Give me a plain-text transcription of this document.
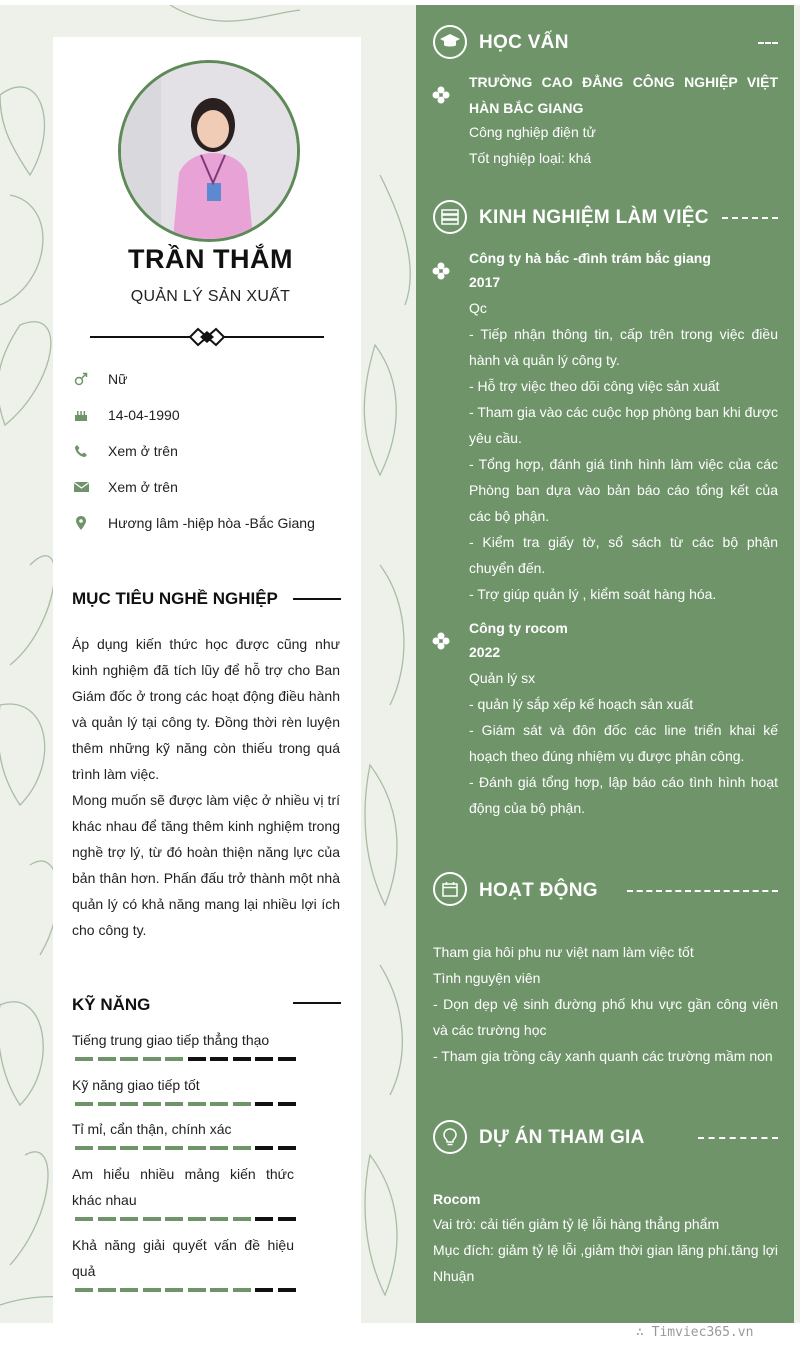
TRẦN THẮM
QUẢN LÝ SẢN XUẤT
Nữ
14-04-1990
Xem ở trên
Xem ở trên
Hương lâm -hiệp hòa -Bắc Giang
MỤC TIÊU NGHỀ NGHIỆP
Áp dụng kiến thức học được cũng như kinh nghiệm đã tích lũy để hỗ trợ cho Ban Giám đốc ở trong các hoạt động điều hành và quản lý tại công ty. Đồng thời rèn luyện thêm những kỹ năng còn thiếu trong quá trình làm việc.
Mong muốn sẽ được làm việc ở nhiều vị trí khác nhau để tăng thêm kinh nghiệm trong nghề trợ lý, từ đó hoàn thiện năng lực của bản thân hơn. Phấn đấu trở thành một nhà quản lý có khả năng mang lại nhiều lợi ích cho công ty.
KỸ NĂNG
Tiếng trung giao tiếp thẳng thạo
Kỹ năng giao tiếp tốt
Tỉ mỉ, cẩn thận, chính xác
Am hiểu nhiều mảng kiến thức khác nhau
Khả năng giải quyết vấn đề hiệu quả
HỌC VẤN
TRƯỜNG CAO ĐẲNG CÔNG NGHIỆP VIỆT HÀN BẮC GIANG
Công nghiệp điện tử
Tốt nghiệp loại: khá
KINH NGHIỆM LÀM VIỆC
Công ty hà bắc -đình trám bắc giang
2017
Qc
- Tiếp nhận thông tin, cấp trên trong việc điều hành và quản lý công ty.
- Hỗ trợ việc theo dõi công việc sản xuất
- Tham gia vào các cuộc họp phòng ban khi được yêu cầu.
- Tổng hợp, đánh giá tình hình làm việc của các Phòng ban dựa vào bản báo cáo tổng kết của các bộ phận.
- Kiểm tra giấy tờ, sổ sách từ các bộ phận chuyển đến.
- Trợ giúp quản lý , kiểm soát hàng hóa.
Công ty rocom
2022
Quản lý sx
- quản lý sắp xếp kế hoạch sản xuất
- Giám sát và đôn đốc các line triển khai kế hoạch theo đúng nhiệm vụ được phân công.
- Đánh giá tổng hợp, lập báo cáo tình hình hoạt động của bộ phận.
HOẠT ĐỘNG
Tham gia hôi phu nư việt nam làm việc tốt
Tình nguyện viên
- Dọn dẹp vệ sinh đường phố khu vực gần công viên và các trường học
- Tham gia trồng cây xanh quanh các trường mầm non
DỰ ÁN THAM GIA
Rocom
Vai trò: cải tiến giảm tỷ lệ lỗi hàng thẳng phẩm
Mục đích: giảm tỷ lệ lỗi ,giảm thời gian lãng phí.tăng lợi Nhuận
∴ Timviec365.vn
